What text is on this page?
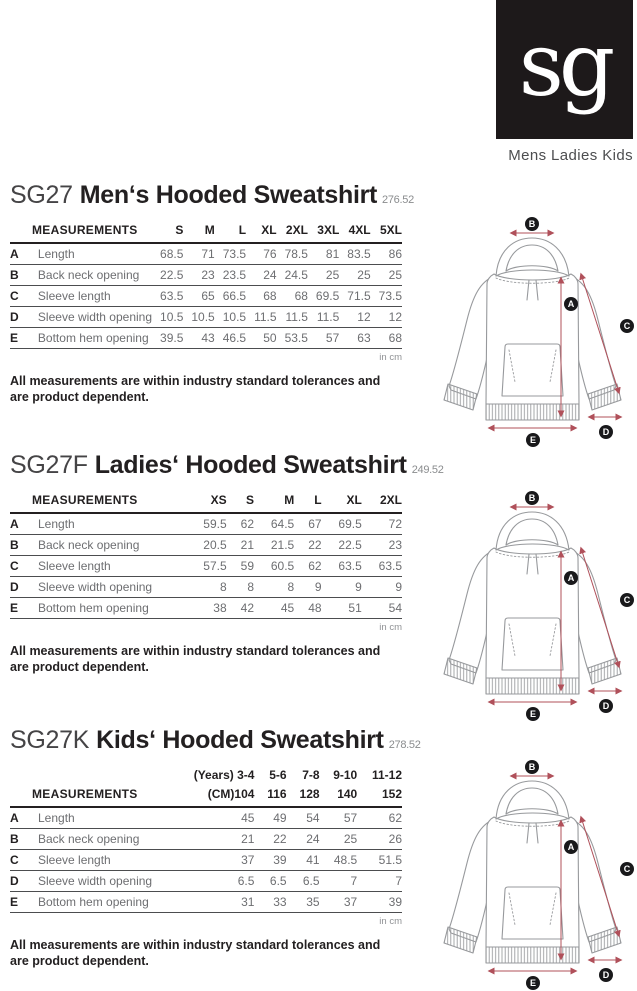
sg
Mens Ladies Kids
SG27 Men‘s Hooded Sweatshirt 276.52
MEASUREMENTS		S	M	L	XL	2XL	3XL	4XL	5XL
A	Length	68.5	71	73.5	76	78.5	81	83.5	86
B	Back neck opening	22.5	23	23.5	24	24.5	25	25	25
C	Sleeve length	63.5	65	66.5	68	68	69.5	71.5	73.5
D	Sleeve width opening	10.5	10.5	10.5	11.5	11.5	11.5	12	12
E	Bottom hem opening	39.5	43	46.5	50	53.5	57	63	68
in cm

All measurements are within industry standard tolerances and are product dependent.

B
A
C
D
E
SG27F Ladies‘ Hooded Sweatshirt 249.52
MEASUREMENTS		XS	S	M	L	XL	2XL
A	Length	59.5	62	64.5	67	69.5	72
B	Back neck opening	20.5	21	21.5	22	22.5	23
C	Sleeve length	57.5	59	60.5	62	63.5	63.5
D	Sleeve width opening	8	8	8	9	9	9
E	Bottom hem opening	38	42	45	48	51	54
in cm

All measurements are within industry standard tolerances and are product dependent.

B
A
C
D
E
SG27K Kids‘ Hooded Sweatshirt 278.52
		(Years) 3-4	5-6	7-8	9-10	11-12
MEASUREMENTS		(CM)104	116	128	140	152
A	Length	45	49	54	57	62
B	Back neck opening	21	22	24	25	26
C	Sleeve length	37	39	41	48.5	51.5
D	Sleeve width opening	6.5	6.5	6.5	7	7
E	Bottom hem opening	31	33	35	37	39
in cm

All measurements are within industry standard tolerances and are product dependent.

B
A
C
D
E
